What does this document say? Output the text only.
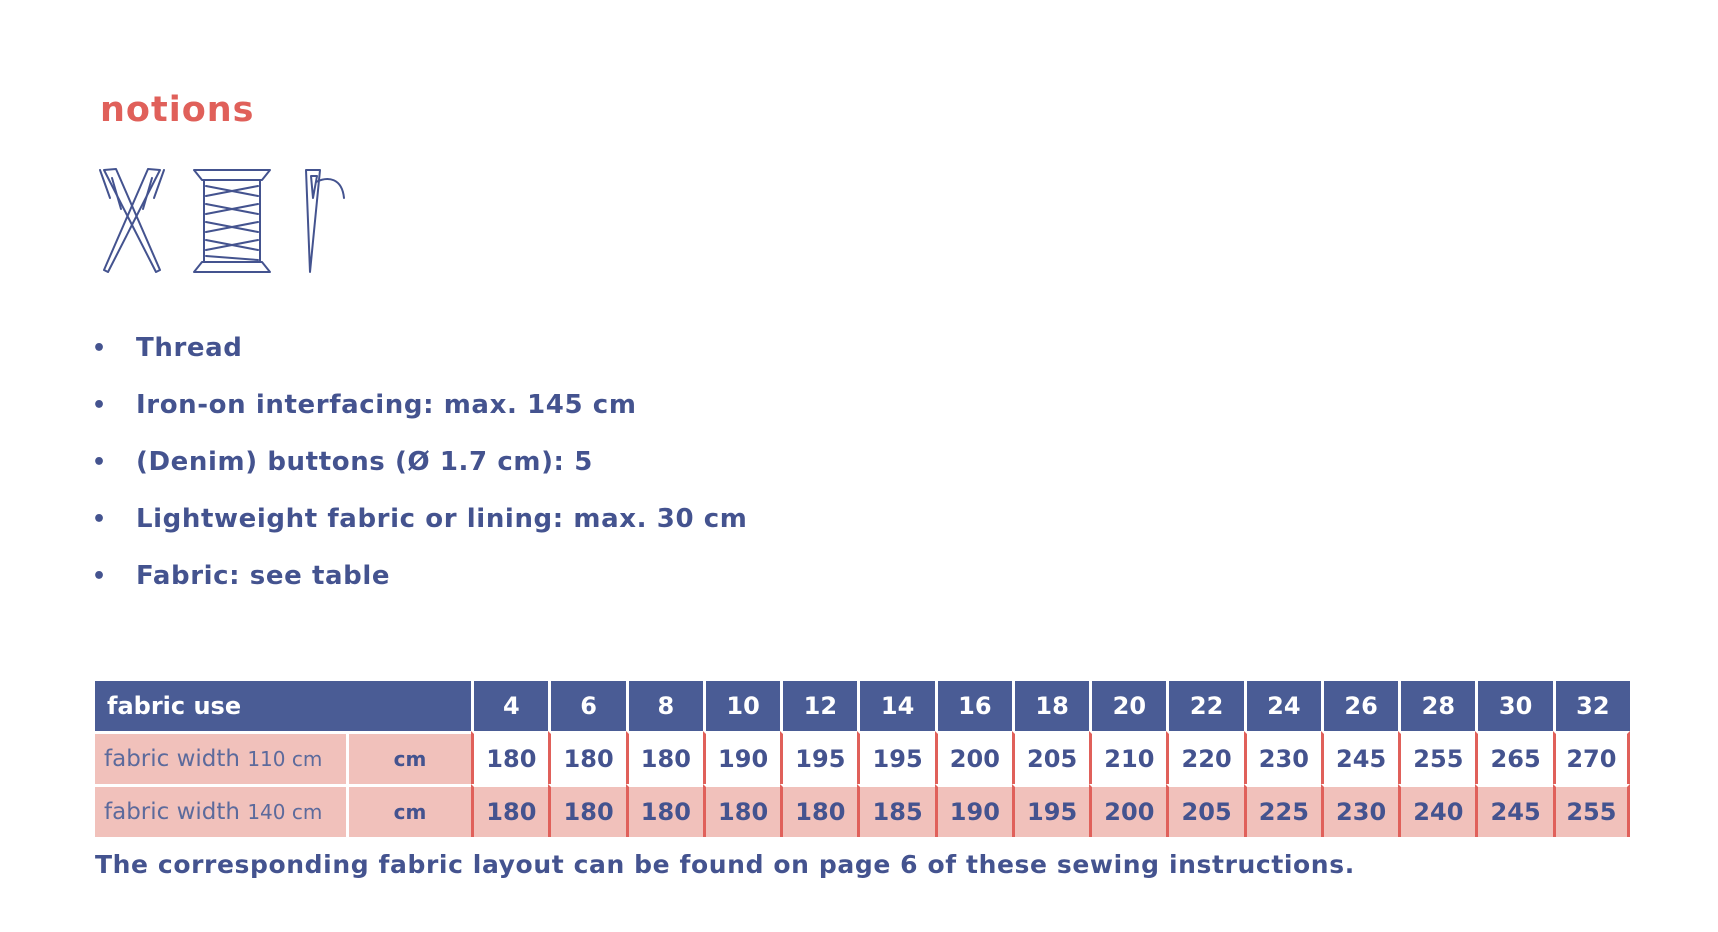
notions
• Thread
• Iron-on interfacing: max. 145 cm
• (Denim) buttons (Ø 1.7 cm): 5
• Lightweight fabric or lining: max. 30 cm
• Fabric: see table
fabric use		4	6	8	10	12	14	16	18	20	22	24	26	28	30	32
fabric width 110 cm	cm	180	180	180	190	195	195	200	205	210	220	230	245	255	265	270
fabric width 140 cm	cm	180	180	180	180	180	185	190	195	200	205	225	230	240	245	255

The corresponding fabric layout can be found on page 6 of these sewing instructions.
